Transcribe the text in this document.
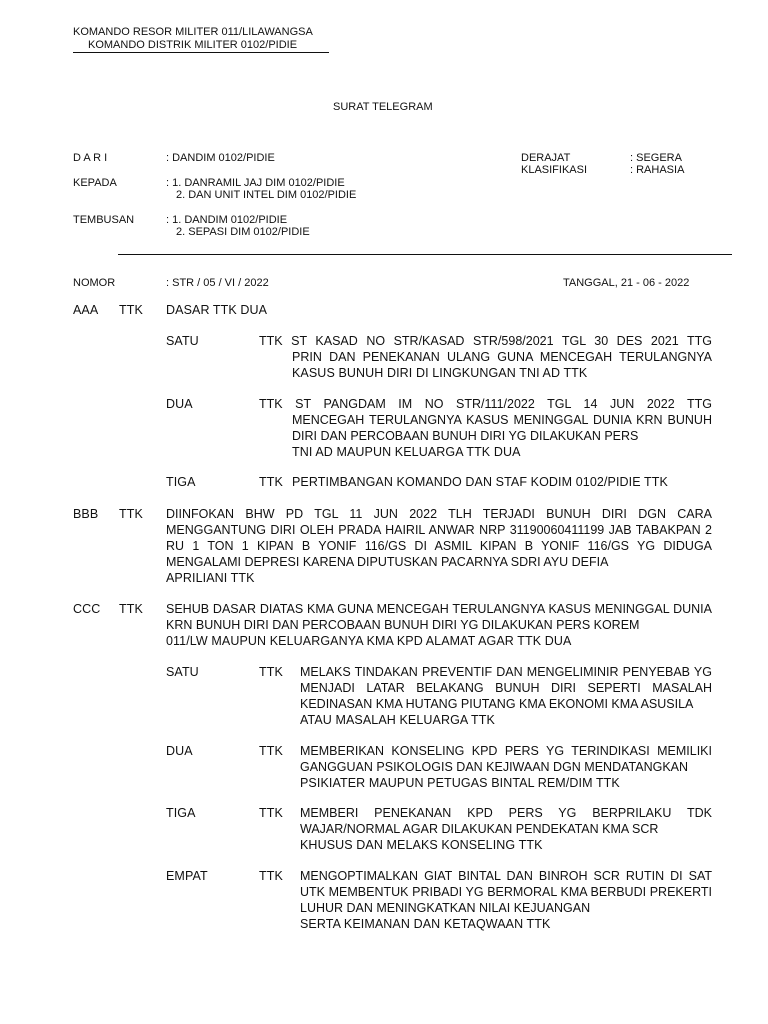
KOMANDO RESOR MILITER 011/LILAWANGSA
KOMANDO DISTRIK MILITER 0102/PIDIE
SURAT TELEGRAM
D A R I	: DANDIM 0102/PIDIE	DERAJAT	: SEGERA
KLASIFIKASI	: RAHASIA
KEPADA	: 1. DANRAMIL JAJ DIM 0102/PIDIE
2. DAN UNIT INTEL DIM 0102/PIDIE
TEMBUSAN	: 1. DANDIM 0102/PIDIE
2. SEPASI DIM 0102/PIDIE
NOMOR	: STR / 05 / VI / 2022	TANGGAL, 21 - 06 - 2022
AAA TTK DASAR TTK DUA
SATU	TTK ST KASAD NO STR/KASAD STR/598/2021 TGL 30 DES 2021 TTG
PRIN DAN PENEKANAN ULANG GUNA MENCEGAH TERULANGNYA
KASUS BUNUH DIRI DI LINGKUNGAN TNI AD TTK
DUA	TTK ST PANGDAM IM NO STR/111/2022 TGL 14 JUN 2022 TTG
MENCEGAH TERULANGNYA KASUS MENINGGAL DUNIA KRN BUNUH DIRI DAN PERCOBAAN BUNUH DIRI YG DILAKUKAN PERS
TNI AD MAUPUN KELUARGA TTK DUA
TIGA	TTK PERTIMBANGAN KOMANDO DAN STAF KODIM 0102/PIDIE TTK
BBB TTK DIINFOKAN BHW PD TGL 11 JUN 2022 TLH TERJADI BUNUH DIRI DGN CARA MENGGANTUNG DIRI OLEH PRADA HAIRIL ANWAR NRP 31190060411199 JAB TABAKPAN 2 RU 1 TON 1 KIPAN B YONIF 116/GS DI ASMIL KIPAN B YONIF 116/GS YG DIDUGA MENGALAMI DEPRESI KARENA DIPUTUSKAN PACARNYA SDRI AYU DEFIA
APRILIANI TTK
CCC TTK SEHUB DASAR DIATAS KMA GUNA MENCEGAH TERULANGNYA KASUS MENINGGAL DUNIA KRN BUNUH DIRI DAN PERCOBAAN BUNUH DIRI YG DILAKUKAN PERS KOREM
011/LW MAUPUN KELUARGANYA KMA KPD ALAMAT AGAR TTK DUA
SATU	TTK MELAKS TINDAKAN PREVENTIF DAN MENGELIMINIR PENYEBAB YG MENJADI LATAR BELAKANG BUNUH DIRI SEPERTI MASALAH KEDINASAN KMA HUTANG PIUTANG KMA EKONOMI KMA ASUSILA
ATAU MASALAH KELUARGA TTK
DUA	TTK MEMBERIKAN KONSELING KPD PERS YG TERINDIKASI MEMILIKI GANGGUAN PSIKOLOGIS DAN KEJIWAAN DGN MENDATANGKAN
PSIKIATER MAUPUN PETUGAS BINTAL REM/DIM TTK
TIGA	TTK MEMBERI PENEKANAN KPD PERS YG BERPRILAKU TDK WAJAR/NORMAL AGAR DILAKUKAN PENDEKATAN KMA SCR
KHUSUS DAN MELAKS KONSELING TTK
EMPAT	TTK MENGOPTIMALKAN GIAT BINTAL DAN BINROH SCR RUTIN DI SAT UTK MEMBENTUK PRIBADI YG BERMORAL KMA BERBUDI PREKERTI LUHUR DAN MENINGKATKAN NILAI KEJUANGAN
SERTA KEIMANAN DAN KETAQWAAN TTK
